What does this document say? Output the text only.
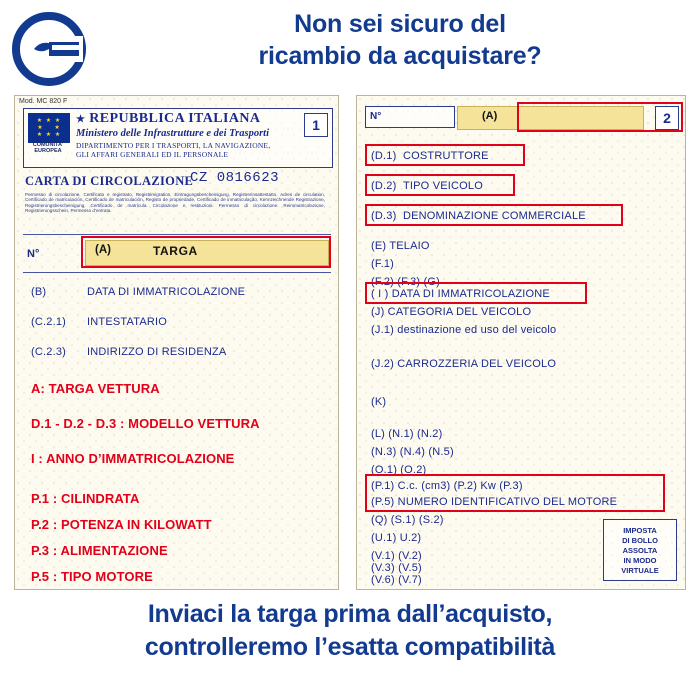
Non sei sicuro del
ricambio da acquistare?
Mod. MC 820 F
★ ★ ★
★    ★
★ ★ ★
COMUNITA'
EUROPEA
★ REPUBBLICA ITALIANA
Ministero delle Infrastrutture e dei Trasporti
DIPARTIMENTO PER I TRASPORTI, LA NAVIGAZIONE,
GLI AFFARI GENERALI ED IL PERSONALE
1
CARTA DI CIRCOLAZIONE
CZ 0816623
Permesso di circolazione, Certificato e registrato, Registrimigration, Eintragungsbescheinigung, Registrerinsattestatto. Adres de circulation, Certificado de matriculación, Certificado de matriculación, Registo de propriedade, Certificado de inmatriculação, Kennzeichnende Registrazione, Registrierungsbescheinigung, Certificado de matrícula. Circolazione e restituzioni. Permesso di circolazione. Reimmatricolazione, Registrierungsschein, Permesso d’entrata.
N°	(A)	TARGA
(B)	DATA DI IMMATRICOLAZIONE
(C.2.1) INTESTATARIO
(C.2.3) INDIRIZZO DI RESIDENZA
A: TARGA VETTURA
D.1 - D.2 - D.3 : MODELLO VETTURA
I : ANNO D’IMMATRICOLAZIONE
P.1 : CILINDRATA
P.2 : POTENZA IN KILOWATT
P.3 : ALIMENTAZIONE
P.5 : TIPO MOTORE
N°	(A)	2
(D.1) COSTRUTTORE
(D.2) TIPO VEICOLO
(D.3) DENOMINAZIONE COMMERCIALE
(E) TELAIO
(F.1)
(F.2) (F.3) (G)
( I ) DATA DI IMMATRICOLAZIONE
(J) CATEGORIA DEL VEICOLO
(J.1) destinazione ed uso del veicolo
(J.2) CARROZZERIA DEL VEICOLO
(K)
(L) (N.1) (N.2)
(N.3) (N.4) (N.5)
(O.1) (O.2)
(P.1) C.c. (cm3) (P.2) Kw (P.3)
(P.5) NUMERO IDENTIFICATIVO DEL MOTORE
(Q) (S.1) (S.2)
(U.1) U.2)
(V.1) (V.2)
(V.3) (V.5)
(V.6) (V.7)
IMPOSTA
DI BOLLO
ASSOLTA
IN MODO
VIRTUALE
Inviaci la targa prima dall’acquisto,
controlleremo l’esatta compatibilità
